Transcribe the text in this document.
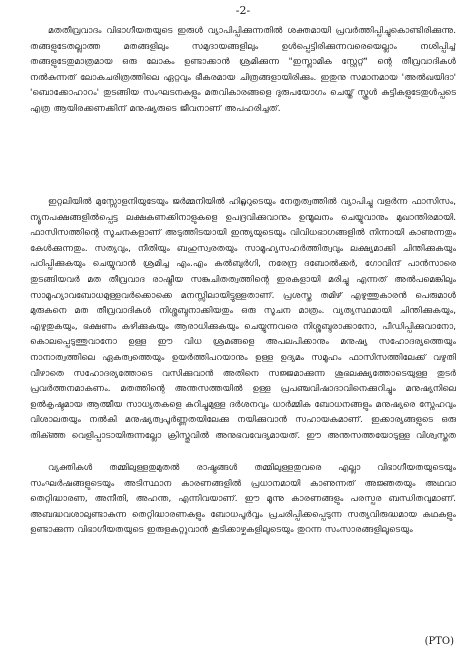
-2-

മതതീവ്രവാദം വിഭാഗീയതയുടെ ഇരുൾ വ്യാപിപ്പിക്കുന്നതിൽ ശക്തമായി പ്രവർത്തിപ്പിച്ചുകൊണ്ടിരിക്കുന്നു. തങ്ങളുടേതല്ലാത്ത മതങ്ങളിലും സമുദായങ്ങളിലും ഉൾപ്പെട്ടിരിക്കുന്നവരെയെല്ലാം നശിപ്പിച്ച് തങ്ങളുടേതുമാത്രമായ ഒരു ലോകം ഉണ്ടാക്കാൻ ശ്രമിക്കുന്ന "ഇസ്ലാമിക സ്റ്റേറ്റ്" ന്റെ തീവ്രവാദികൾ നൽകുന്നത് ലോകചരിത്രത്തിലെ ഏറ്റവും ഭീകരമായ ചിത്രങ്ങളായിരിക്കും. ഇതുനു സമാനമായ 'അൽഖയിദാ' 'ബൊക്കോഹാറം' തുടങ്ങിയ സംഘടനകളും മതവികാരങ്ങളെ ദുരുപയോഗം ചെയ്ത് സ്കൂൾ കുട്ടികളുടേതുൾപ്പടെ എത്ര ആയിരക്കണക്കിന് മനുഷ്യരുടെ ജീവനാണ് അപഹരിച്ചത്.

ഇറ്റലിയിൽ മുസ്സോളനിയുടേയും ജർമ്മനിയിൽ ഹിറ്റ്ലറുടെയും നേതൃത്വത്തിൽ വ്യാപിച്ചു വളർന്ന ഫാസിസം, ന്യൂനപക്ഷങ്ങളിൽപ്പെട്ട ലക്ഷകണക്കിനാളുകളെ ഉപദ്രവിക്കുവാനും ഉന്മൂലനം ചെയ്യുവാനും മുഖാന്തിരമായി. ഫാസിസത്തിന്റെ സൂചനകളാണ് അടുത്തിടയായി ഇന്ത്യയുടെയും വിവിധഭാഗങ്ങളിൽ നിന്നായി കാണുന്നതും കേൾക്കുന്നതും. സത്യവും, നീതിയും ബഹുസ്വരതയും സാമൂഹ്യസഹർത്തിത്വവും ലക്ഷ്യമാക്കി ചിന്തിക്കുകയും പഠിപ്പിക്കുകയും ചെയ്യുവാൻ ശ്രമിച്ച എം.എം കൽബുർഗി, നരേന്ദ്ര ദബോൽക്കർ, ഗോവിന്ദ് പാൻസാരെ തുടങ്ങിയവർ മത തീവ്രവാദ രാഷ്ട്രീയ സങ്കുചിതത്വത്തിന്റെ ഇരകളായി മരിച്ചു എന്നത് അൽപമെങ്കിലും സാമൂഹ്യാവബോധമുള്ളവർക്കൊക്കെ മനസ്സിലായിട്ടുള്ളതാണ്. പ്രശസ്ത തമിഴ് എഴുത്തുകാരൻ പെരുമാൾ മുരുകനെ മത തീവ്രവാദികൾ നിശ്ശബ്ദനാക്കിയതും ഒരു സൂചന മാത്രം. വ്യത്യസ്ഥമായി ചിന്തിക്കുകയും, എഴുതുകയും, ഭക്ഷണം കഴിക്കുകയും ആരാധിക്കുകയും ചെയ്യുന്നവരെ നിശ്ശബ്ദരാക്കാനോ, പീഡിപ്പിക്കുവാനോ, കൊലപ്പെടുത്തുവാനോ ഉള്ള ഈ വിധ ശ്രമങ്ങളെ അപലപിക്കാനും മനുഷ്യ സഹോദര്യത്തെയും നാനാത്വത്തിലെ ഏകത്വത്തെയും ഉയർത്തിപറയാനും ഉള്ള ഉദ്യമം സമൂഹം ഫാസിസത്തിലേക്ക് വഴുതി വീഴാതെ സഹോദര്യത്തോടെ വസിക്കുവാൻ അതിനെ സജ്ജമാക്കുന്ന ശുഭലക്ഷ്യത്തോടെയുള്ള തുടർ പ്രവർത്തനമാകണം. മതത്തിന്റെ അന്തസത്തയിൽ ഉള്ള പ്രപഞ്ചവിഷാദാവിനെക്കുറിച്ചും മനുഷ്യനിലെ ഉൽകൃഷ്ടമായ ആത്മീയ സാധ്യതകളെ കുറിച്ചുമുള്ള ദർശനവും ധാർമ്മിക ബോധനങ്ങളും മനുഷ്യരെ സ്നേഹവും വിശാലതയും നൽകി മനുഷ്യത്വപൂർണ്ണതയിലേക്കു നയിക്കുവാൻ സഹായകമാണ്. ഇക്കാര്യങ്ങളുടെ ഒരു തിക്ഞ്ഞ വെളിപ്പാടായിരുന്നല്ലോ ക്രിസ്തുവിൽ അനുഭവവേദ്യമായത്. ഈ അന്തസത്തയോടുള്ള വിശ്വസ്തത

വ്യക്തികൾ തമ്മിലുള്ളതുമുതൽ രാഷ്ട്രങ്ങൾ തമ്മിലുള്ളതുവരെ എല്ലാ വിഭാഗീയതയുടെയും സംഘർഷങ്ങളുടെയും അടിസ്ഥാന കാരണങ്ങളിൽ പ്രധാനമായി കാണുന്നത് അജ്ഞതയും അഥവാ തെറ്റിദ്ധാരണ, അനീതി, അഹന്ത, എന്നിവയാണ്. ഈ മൂന്നു കാരണങ്ങളും പരസ്പര ബന്ധിതവുമാണ്. അബദ്ധവശാലുണ്ടാകുന്ന തെറ്റിദ്ധാരണകളും ബോധപൂർവ്വം പ്രചരിപ്പിക്കപ്പെടുന്ന സത്യവിരുദ്ധമായ കഥകളും ഉണ്ടാക്കുന്ന വിഭാഗീയതയുടെ ഇരുളകറ്റുവാൻ കൂടിക്കാഴ്ചകളിലൂടെയും തുറന്ന സംസാരങ്ങളിലൂടെയും

(PTO)
